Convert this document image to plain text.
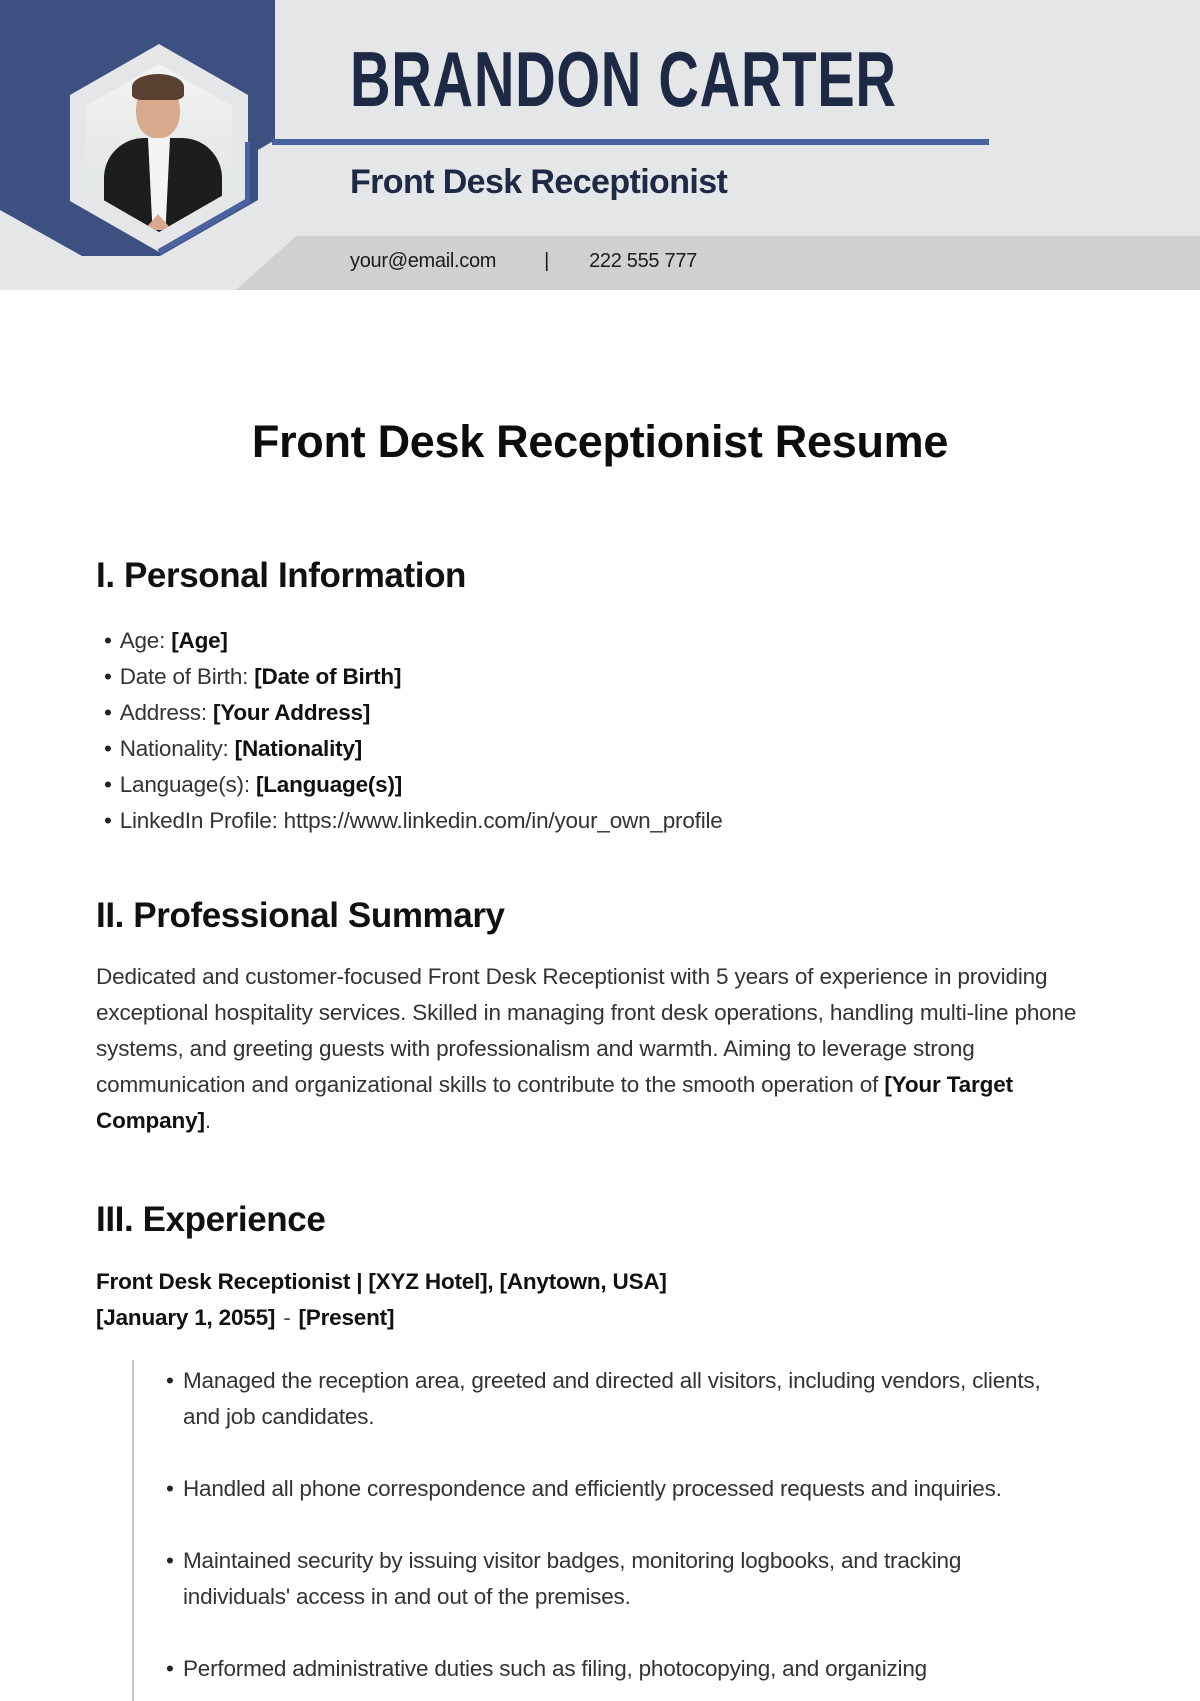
BRANDON CARTER
Front Desk Receptionist
your@email.com | 222 555 777
Front Desk Receptionist Resume
I. Personal Information
• Age: [Age]
• Date of Birth: [Date of Birth]
• Address: [Your Address]
• Nationality: [Nationality]
• Language(s): [Language(s)]
• LinkedIn Profile: https://www.linkedin.com/in/your_own_profile
II. Professional Summary

Dedicated and customer-focused Front Desk Receptionist with 5 years of experience in providing exceptional hospitality services. Skilled in managing front desk operations, handling multi-line phone systems, and greeting guests with professionalism and warmth. Aiming to leverage strong communication and organizational skills to contribute to the smooth operation of [Your Target Company].

III. Experience
Front Desk Receptionist | [XYZ Hotel], [Anytown, USA]
[January 1, 2055] - [Present]
• Managed the reception area, greeted and directed all visitors, including vendors, clients, and job candidates.
• Handled all phone correspondence and efficiently processed requests and inquiries.
• Maintained security by issuing visitor badges, monitoring logbooks, and tracking individuals' access in and out of the premises.
• Performed administrative duties such as filing, photocopying, and organizing
